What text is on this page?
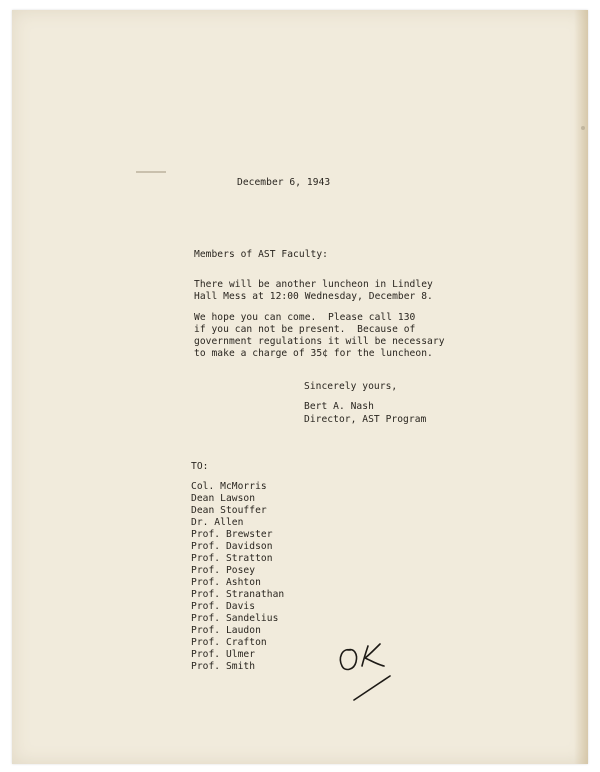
December 6, 1943
Members of AST Faculty:
There will be another luncheon in Lindley
Hall Mess at 12:00 Wednesday, December 8.
We hope you can come.  Please call 130
if you can not be present.  Because of
government regulations it will be necessary
to make a charge of 35¢ for the luncheon.
Sincerely yours,
Bert A. Nash
Director, AST Program
TO:
Col. McMorris
Dean Lawson
Dean Stouffer
Dr. Allen
Prof. Brewster
Prof. Davidson
Prof. Stratton
Prof. Posey
Prof. Ashton
Prof. Stranathan
Prof. Davis
Prof. Sandelius
Prof. Laudon
Prof. Crafton
Prof. Ulmer
Prof. Smith
